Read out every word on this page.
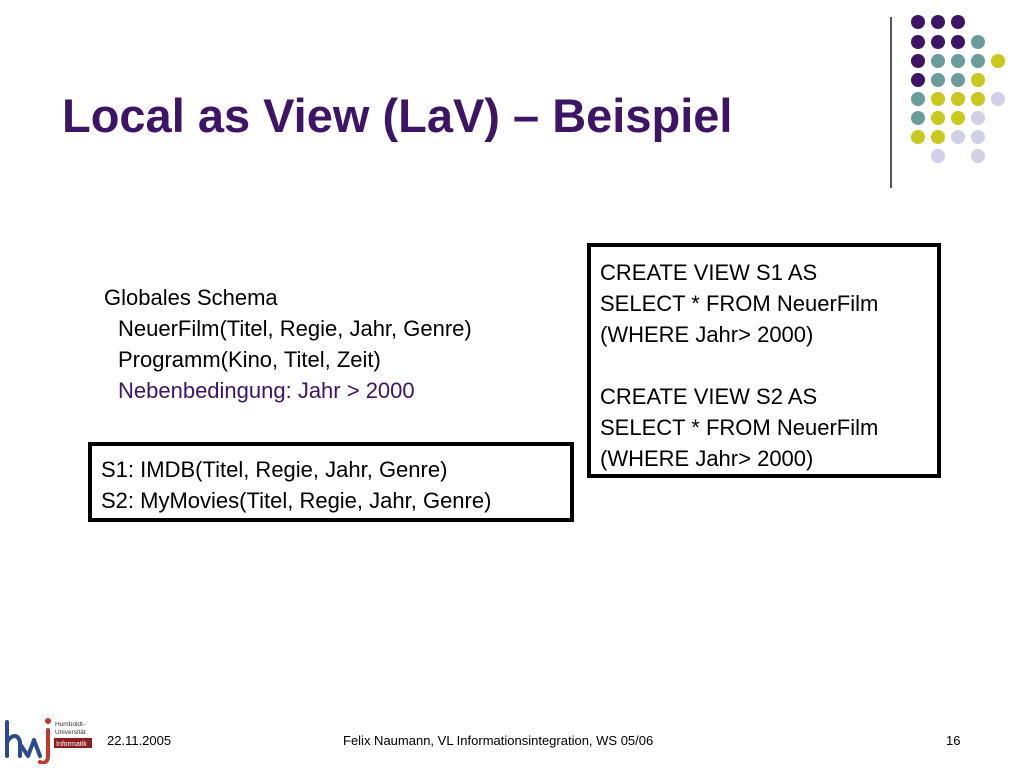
Local as View (LaV) – Beispiel
Globales Schema
NeuerFilm(Titel, Regie, Jahr, Genre)
Programm(Kino, Titel, Zeit)
Nebenbedingung: Jahr > 2000
S1: IMDB(Titel, Regie, Jahr, Genre)
S2: MyMovies(Titel, Regie, Jahr, Genre)
CREATE VIEW S1 AS
SELECT * FROM NeuerFilm
(WHERE Jahr> 2000)
CREATE VIEW S2 AS
SELECT * FROM NeuerFilm
(WHERE Jahr> 2000)
Humboldt-
Universität
Informatik 22.11.2005	Felix Naumann, VL Informationsintegration, WS 05/06	16
